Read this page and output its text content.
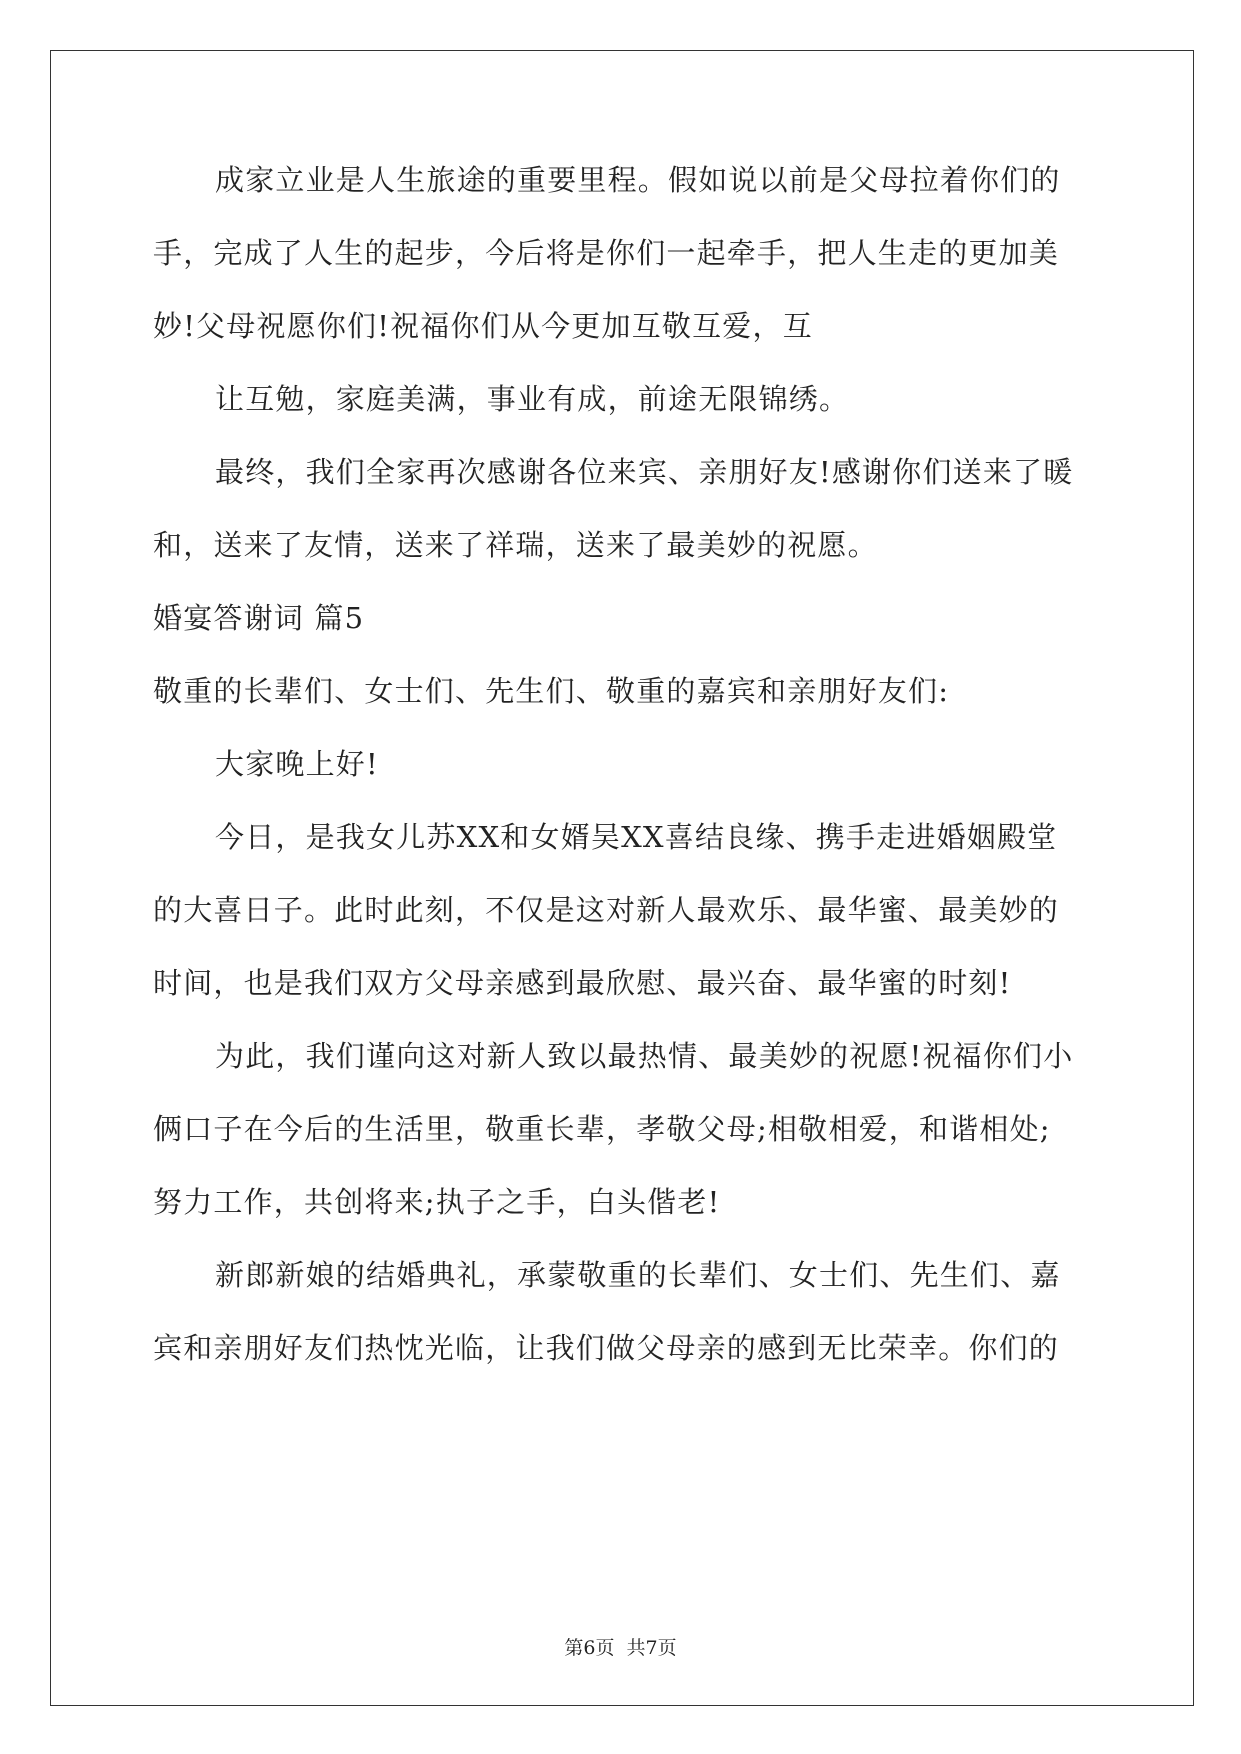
成家立业是人生旅途的重要里程。假如说以前是父母拉着你们的
手，完成了人生的起步，今后将是你们一起牵手，把人生走的更加美
妙!父母祝愿你们!祝福你们从今更加互敬互爱，互
让互勉，家庭美满，事业有成，前途无限锦绣。
最终，我们全家再次感谢各位来宾、亲朋好友!感谢你们送来了暖
和，送来了友情，送来了祥瑞，送来了最美妙的祝愿。
婚宴答谢词 篇5
敬重的长辈们、女士们、先生们、敬重的嘉宾和亲朋好友们:
大家晚上好!
今日，是我女儿苏XX和女婿吴XX喜结良缘、携手走进婚姻殿堂
的大喜日子。此时此刻，不仅是这对新人最欢乐、最华蜜、最美妙的
时间，也是我们双方父母亲感到最欣慰、最兴奋、最华蜜的时刻!
为此，我们谨向这对新人致以最热情、最美妙的祝愿!祝福你们小
俩口子在今后的生活里，敬重长辈，孝敬父母;相敬相爱，和谐相处;
努力工作，共创将来;执子之手，白头偕老!
新郎新娘的结婚典礼，承蒙敬重的长辈们、女士们、先生们、嘉
宾和亲朋好友们热忱光临，让我们做父母亲的感到无比荣幸。你们的
第6页  共7页
